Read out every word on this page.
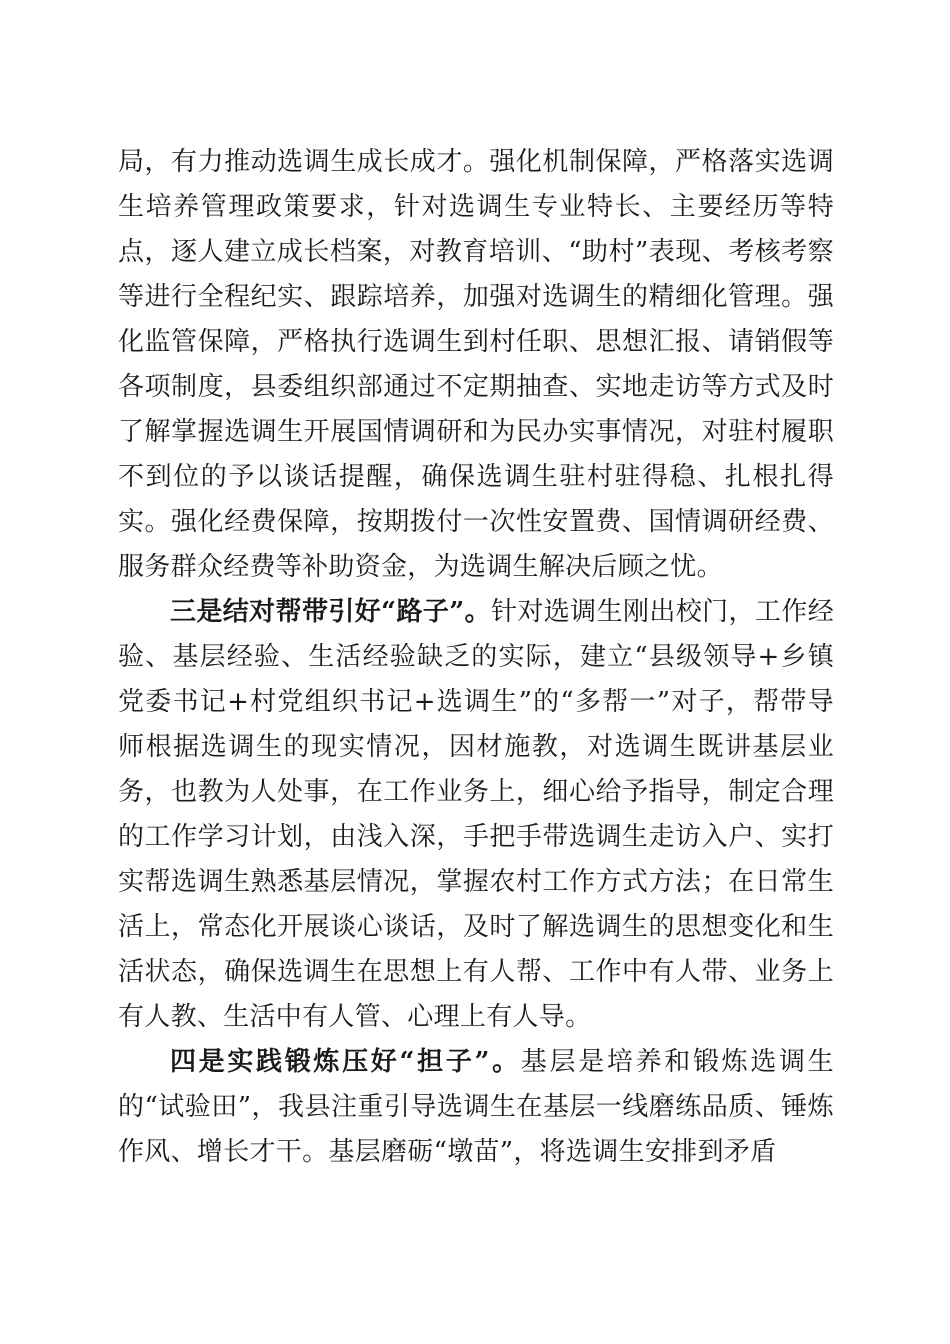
局，有力推动选调生成长成才。强化机制保障，严格落实选调生培养管理政策要求，针对选调生专业特长、主要经历等特点，逐人建立成长档案，对教育培训、“助村”表现、考核考察等进行全程纪实、跟踪培养，加强对选调生的精细化管理。强化监管保障，严格执行选调生到村任职、思想汇报、请销假等各项制度，县委组织部通过不定期抽查、实地走访等方式及时了解掌握选调生开展国情调研和为民办实事情况，对驻村履职不到位的予以谈话提醒，确保选调生驻村驻得稳、扎根扎得实。强化经费保障，按期拨付一次性安置费、国情调研经费、服务群众经费等补助资金，为选调生解决后顾之忧。

三是结对帮带引好“路子”。针对选调生刚出校门，工作经验、基层经验、生活经验缺乏的实际，建立“县级领导+乡镇党委书记+村党组织书记+选调生”的“多帮一”对子，帮带导师根据选调生的现实情况，因材施教，对选调生既讲基层业务，也教为人处事，在工作业务上，细心给予指导，制定合理的工作学习计划，由浅入深，手把手带选调生走访入户、实打实帮选调生熟悉基层情况，掌握农村工作方式方法；在日常生活上，常态化开展谈心谈话，及时了解选调生的思想变化和生活状态，确保选调生在思想上有人帮、工作中有人带、业务上有人教、生活中有人管、心理上有人导。

四是实践锻炼压好“担子”。基层是培养和锻炼选调生的“试验田”，我县注重引导选调生在基层一线磨练品质、锤炼作风、增长才干。基层磨砺“墩苗”，将选调生安排到矛盾
